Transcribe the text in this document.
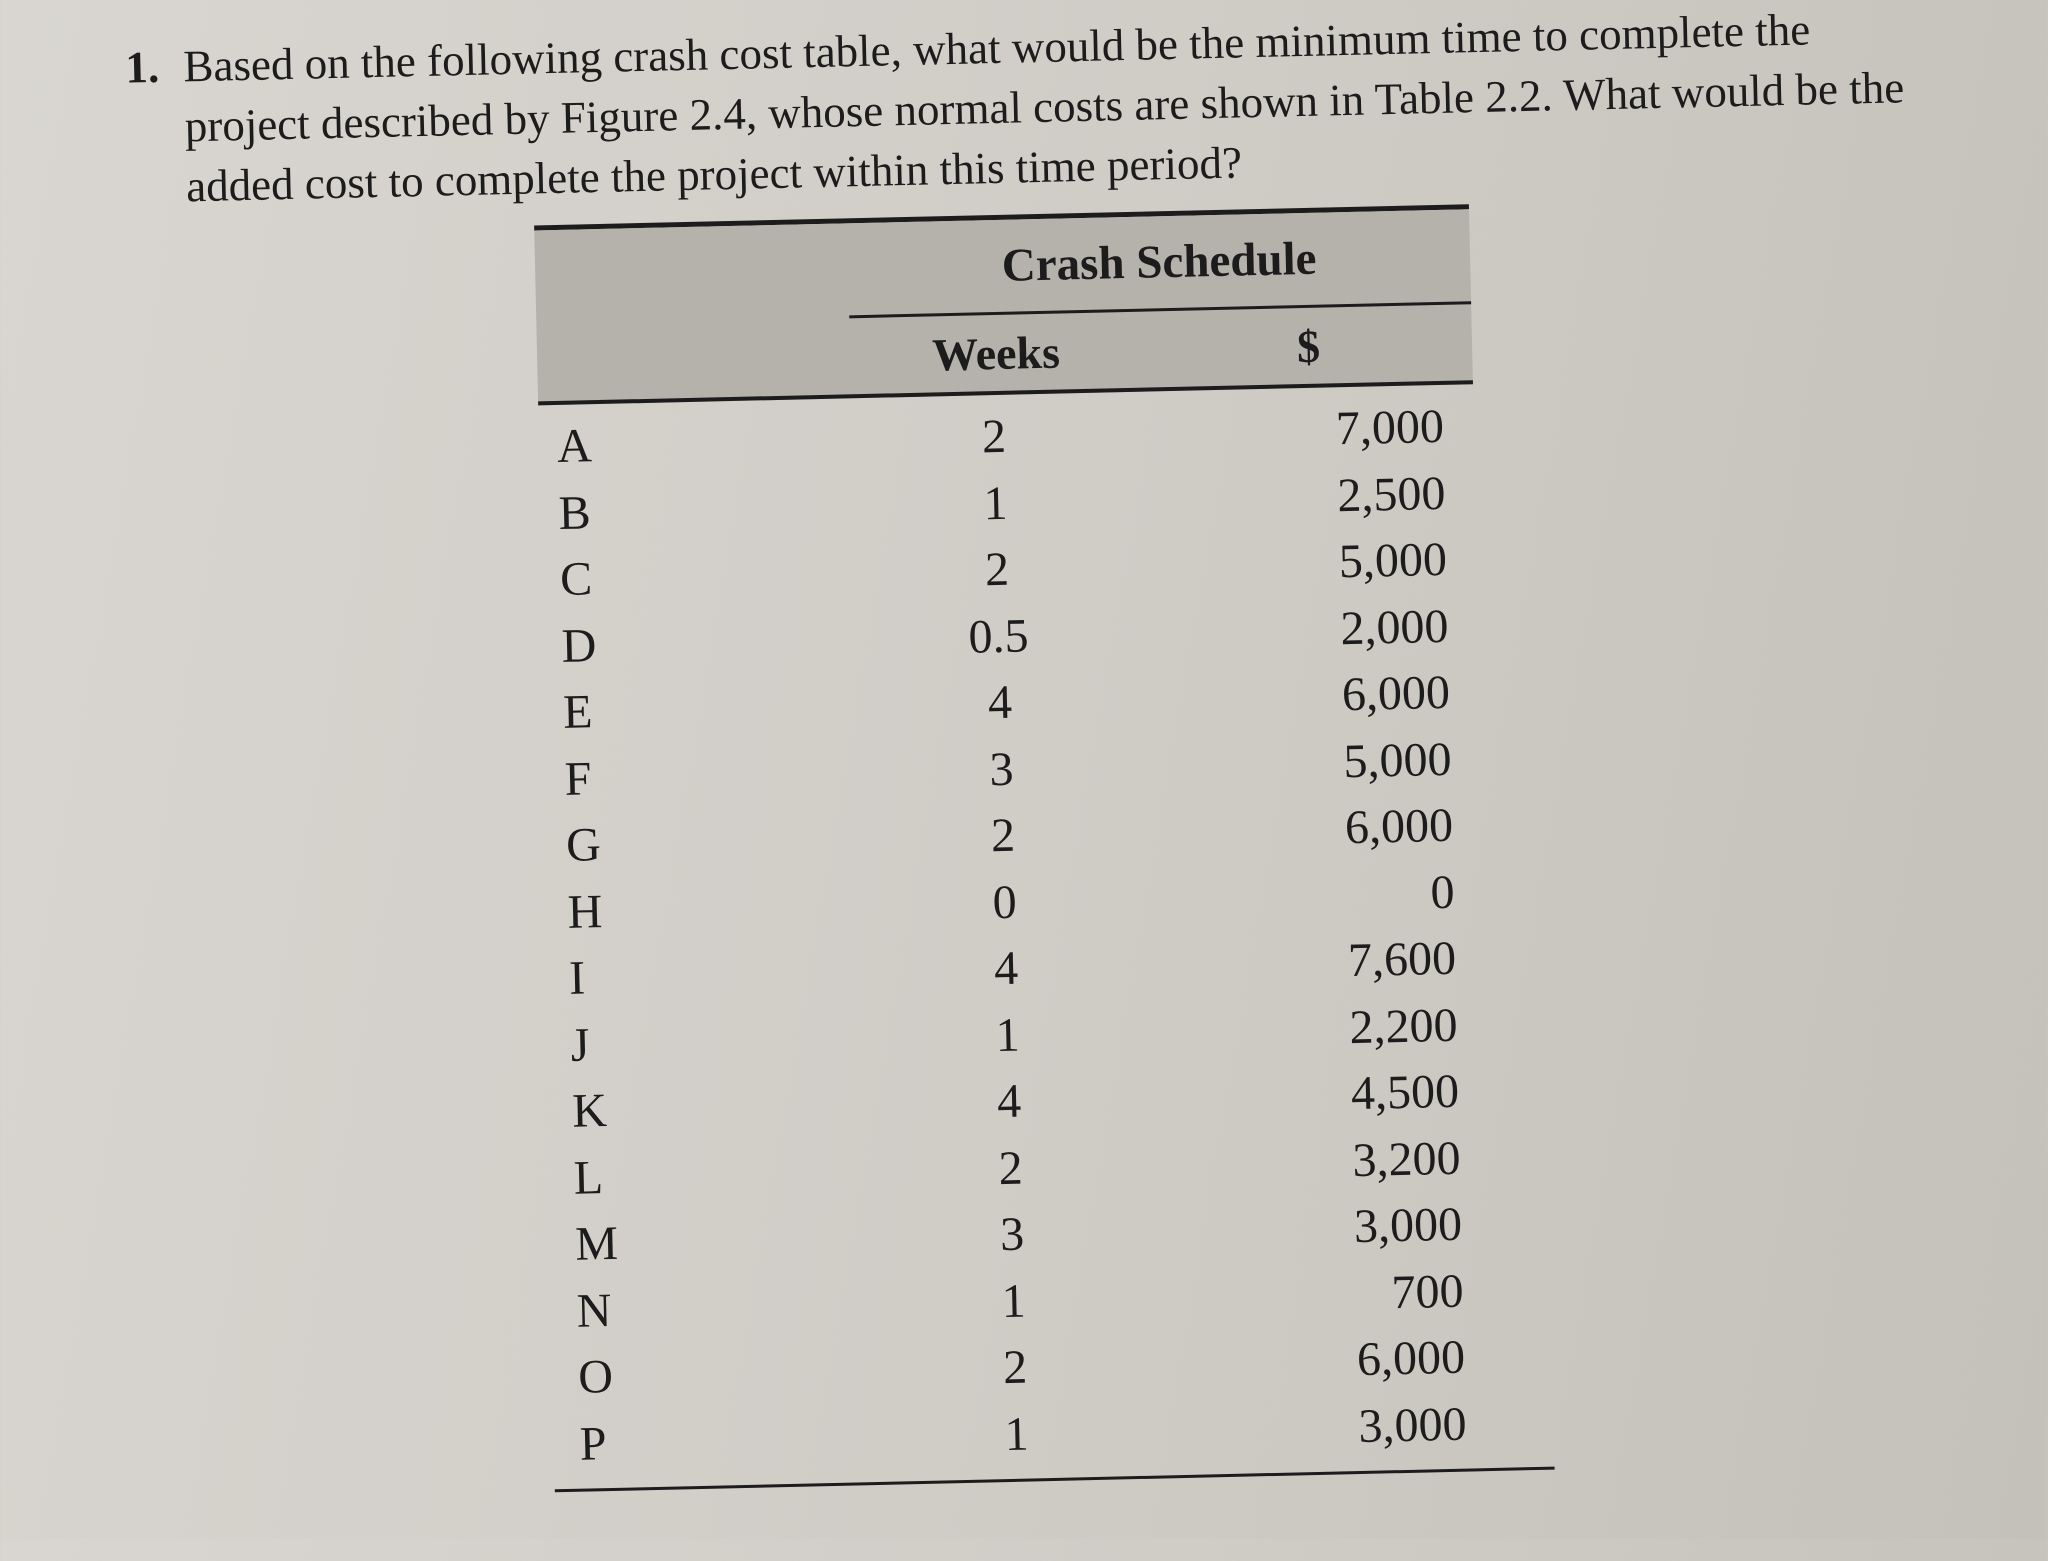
1. Based on the following crash cost table, what would be the minimum time to complete the project described by Figure 2.4, whose normal costs are shown in Table 2.2. What would be the added cost to complete the project within this time period?
Crash Schedule
Weeks	$
A	2	7,000
B	1	2,500
C	2	5,000
D	0.5	2,000
E	4	6,000
F	3	5,000
G	2	6,000
H	0	0
I	4	7,600
J	1	2,200
K	4	4,500
L	2	3,200
M	3	3,000
N	1	700
O	2	6,000
P	1	3,000
